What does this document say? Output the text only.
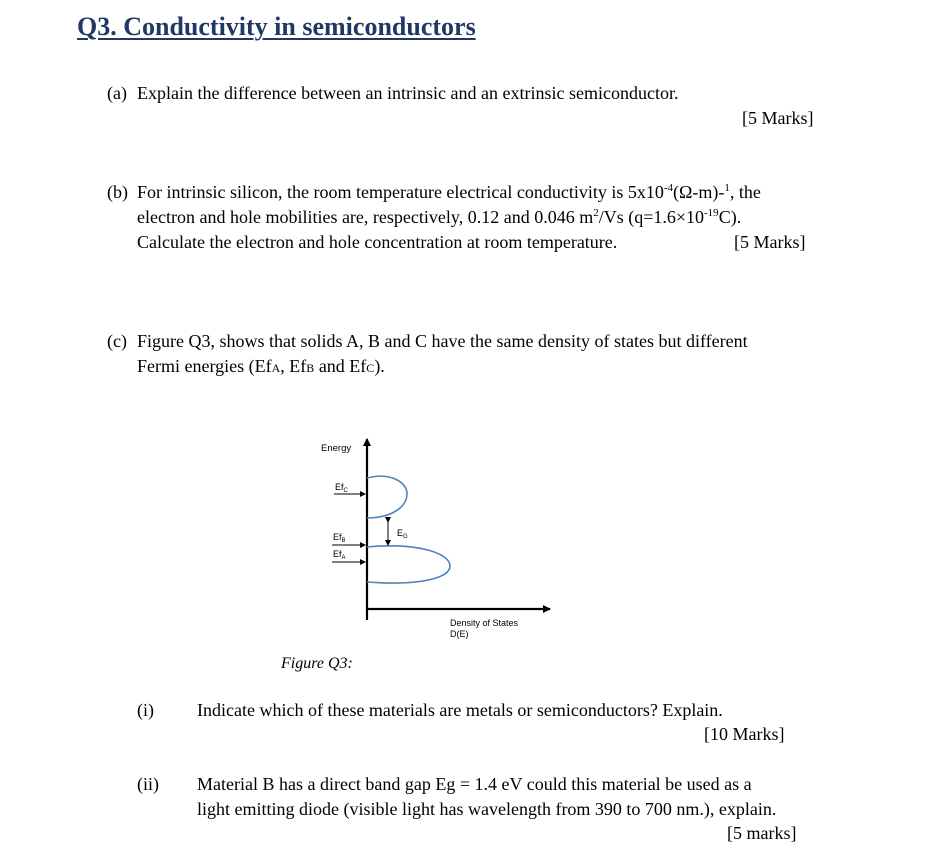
Q3. Conductivity in semiconductors
(a) Explain the difference between an intrinsic and an extrinsic semiconductor.
[5 Marks]
(b) For intrinsic silicon, the room temperature electrical conductivity is $5x10^{-4}(\Omega-m)-^1$, the
electron and hole mobilities are, respectively, 0.12 and 0.046 $m^2/Vs$ $(q=1.6\times 10^{-19}C)$.
Calculate the electron and hole concentration at room temperature.	[5 Marks]
(c) Figure Q3, shows that solids A, B and C have the same density of states but different
Fermi energies (EfA, EfB and EfC).
Energy
Density of States
D(E)
$E_G$
$Ef_C$
$Ef_B$
$Ef_A$
Figure Q3:
(i) Indicate which of these materials are metals or semiconductors? Explain.
[10 Marks]
(ii) Material B has a direct band gap Eg = 1.4 eV could this material be used as a
light emitting diode (visible light has wavelength from 390 to 700 nm.), explain.
[5 marks]
